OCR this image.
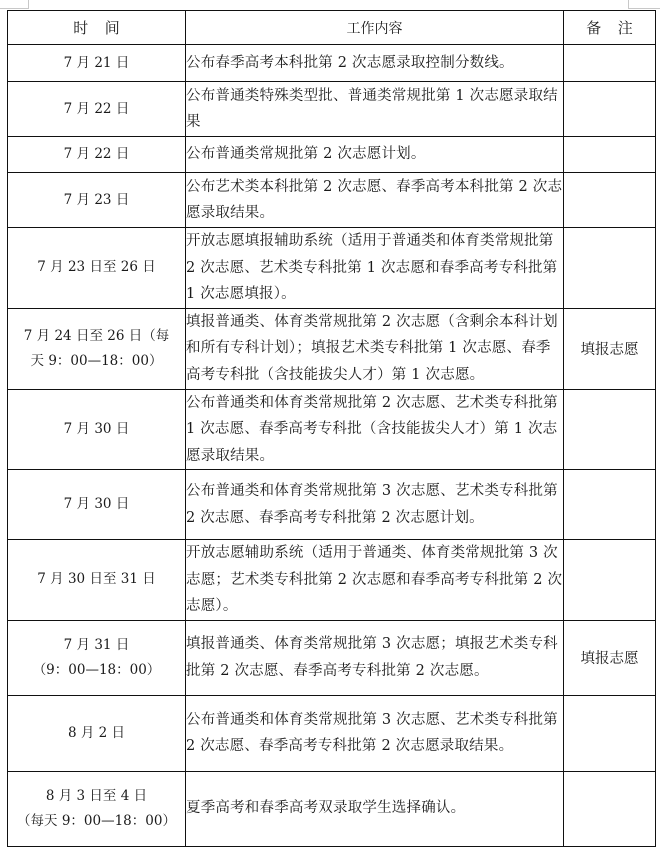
时 间	工作内容	备 注

7 月 21 日	公布春季高考本科批第 2 次志愿录取控制分数线。	

7 月 22 日	公布普通类特殊类型批、普通类常规批第 1 次志愿录取结果	

7 月 22 日	公布普通类常规批第 2 次志愿计划。	

7 月 23 日	公布艺术类本科批第 2 次志愿、春季高考本科批第 2 次志愿录取结果。	

7 月 23 日至 26 日	开放志愿填报辅助系统（适用于普通类和体育类常规批第 2 次志愿、艺术类专科批第 1 次志愿和春季高考专科批第 1 次志愿填报）。	

7 月 24 日至 26 日（每
天 9：00—18：00）	填报普通类、体育类常规批第 2 次志愿（含剩余本科计划和所有专科计划）；填报艺术类专科批第 1 次志愿、春季高考专科批（含技能拔尖人才）第 1 次志愿。	填报志愿

7 月 30 日	公布普通类和体育类常规批第 2 次志愿、艺术类专科批第 1 次志愿、春季高考专科批（含技能拔尖人才）第 1 次志愿录取结果。	

7 月 30 日	公布普通类和体育类常规批第 3 次志愿、艺术类专科批第 2 次志愿、春季高考专科批第 2 次志愿计划。	

7 月 30 日至 31 日	开放志愿辅助系统（适用于普通类、体育类常规批第 3 次志愿；艺术类专科批第 2 次志愿和春季高考专科批第 2 次志愿）。	

7 月 31 日
（9：00—18：00）	填报普通类、体育类常规批第 3 次志愿；填报艺术类专科批第 2 次志愿、春季高考专科批第 2 次志愿。	填报志愿

8 月 2 日	公布普通类和体育类常规批第 3 次志愿、艺术类专科批第 2 次志愿、春季高考专科批第 2 次志愿录取结果。	

8 月 3 日至 4 日
（每天 9：00—18：00）	夏季高考和春季高考双录取学生选择确认。	
